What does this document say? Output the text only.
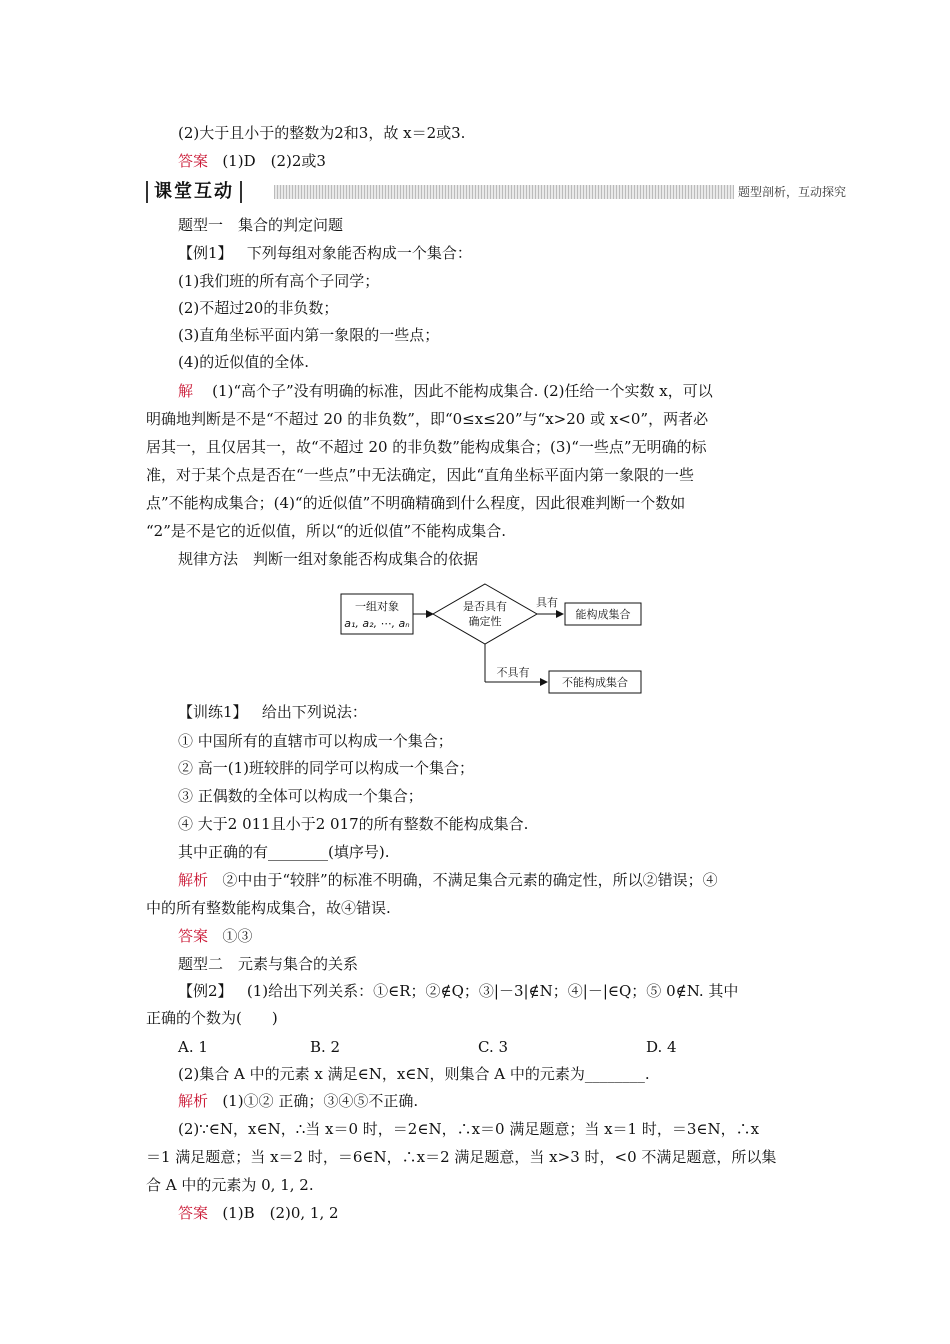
(2)大于且小于的整数为2和3，故 x＝2或3.
答案 (1)D　(2)2或3
课堂互动	题型剖析，互动探究
题型一　集合的判定问题
【例1】 下列每组对象能否构成一个集合：
(1)我们班的所有高个子同学；
(2)不超过20的非负数；
(3)直角坐标平面内第一象限的一些点；
(4)的近似值的全体.
解 (1)“高个子”没有明确的标准，因此不能构成集合. (2)任给一个实数 x，可以
明确地判断是不是“不超过 20 的非负数”，即“0≤x≤20”与“x>20 或 x<0”，两者必
居其一，且仅居其一，故“不超过 20 的非负数”能构成集合；(3)“一些点”无明确的标
准，对于某个点是否在“一些点”中无法确定，因此“直角坐标平面内第一象限的一些
点”不能构成集合；(4)“的近似值”不明确精确到什么程度，因此很难判断一个数如
“2”是不是它的近似值，所以“的近似值”不能构成集合.
规律方法　判断一组对象能否构成集合的依据
一组对象
a₁, a₂, ⋯, aₙ
是否具有
确定性
具有
能构成集合
不具有
不能构成集合
【训练1】 给出下列说法：
① 中国所有的直辖市可以构成一个集合；
② 高一(1)班较胖的同学可以构成一个集合；
③ 正偶数的全体可以构成一个集合；
④ 大于2 011且小于2 017的所有整数不能构成集合.
其中正确的有________(填序号).
解析 ②中由于“较胖”的标准不明确，不满足集合元素的确定性，所以②错误；④
中的所有整数能构成集合，故④错误.
答案 ①③
题型二　元素与集合的关系
【例2】 (1)给出下列关系：①∈R；②∉Q；③|－3|∉N；④|－|∈Q；⑤ 0∉N. 其中
正确的个数为(　　)
A. 1	B. 2	C. 3	D. 4
(2)集合 A 中的元素 x 满足∈N，x∈N，则集合 A 中的元素为________.
解析 (1)①② 正确；③④⑤不正确.
(2)∵∈N，x∈N，∴当 x＝0 时，＝2∈N，∴x＝0 满足题意；当 x＝1 时，＝3∈N，∴x
＝1 满足题意；当 x＝2 时，＝6∈N，∴x＝2 满足题意，当 x>3 时，<0 不满足题意，所以集
合 A 中的元素为 0, 1, 2.
答案 (1)B　(2)0, 1, 2
